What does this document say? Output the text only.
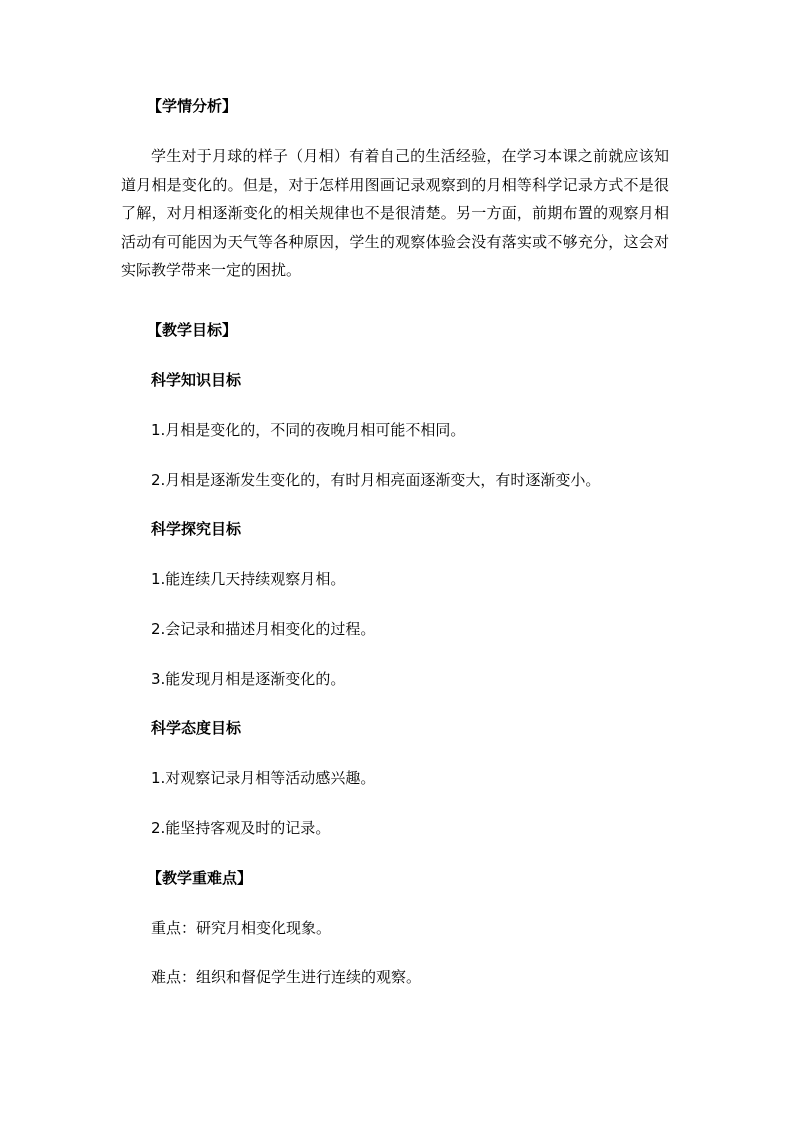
【学情分析】
学生对于月球的样子（月相）有着自己的生活经验，在学习本课之前就应该知道月相是变化的。但是，对于怎样用图画记录观察到的月相等科学记录方式不是很了解，对月相逐渐变化的相关规律也不是很清楚。另一方面，前期布置的观察月相活动有可能因为天气等各种原因，学生的观察体验会没有落实或不够充分，这会对实际教学带来一定的困扰。
【教学目标】
科学知识目标
1.月相是变化的，不同的夜晚月相可能不相同。
2.月相是逐渐发生变化的，有时月相亮面逐渐变大，有时逐渐变小。
科学探究目标
1.能连续几天持续观察月相。
2.会记录和描述月相变化的过程。
3.能发现月相是逐渐变化的。
科学态度目标
1.对观察记录月相等活动感兴趣。
2.能坚持客观及时的记录。
【教学重难点】
重点：研究月相变化现象。
难点：组织和督促学生进行连续的观察。
